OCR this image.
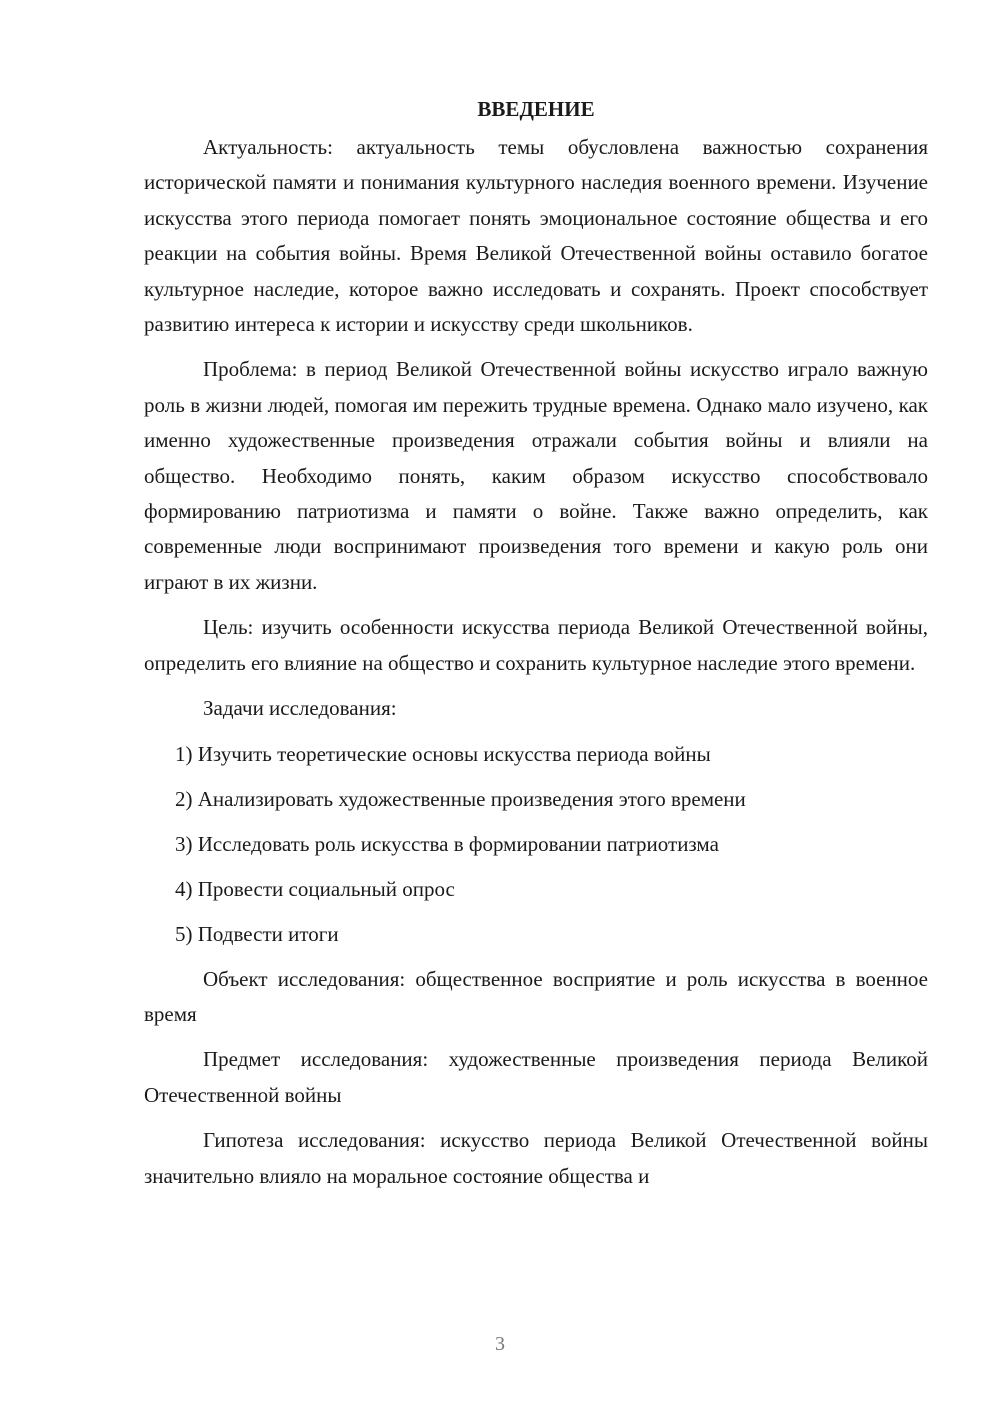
ВВЕДЕНИЕ

Актуальность: актуальность темы обусловлена важностью сохранения исторической памяти и понимания культурного наследия военного времени. Изучение искусства этого периода помогает понять эмоциональное состояние общества и его реакции на события войны. Время Великой Отечественной войны оставило богатое культурное наследие, которое важно исследовать и сохранять. Проект способствует развитию интереса к истории и искусству среди школьников.

Проблема: в период Великой Отечественной войны искусство играло важную роль в жизни людей, помогая им пережить трудные времена. Однако мало изучено, как именно художественные произведения отражали события войны и влияли на общество. Необходимо понять, каким образом искусство способствовало формированию патриотизма и памяти о войне. Также важно определить, как современные люди воспринимают произведения того времени и какую роль они играют в их жизни.

Цель: изучить особенности искусства периода Великой Отечественной войны, определить его влияние на общество и сохранить культурное наследие этого времени.

Задачи исследования:

1) Изучить теоретические основы искусства периода войны
2) Анализировать художественные произведения этого времени
3) Исследовать роль искусства в формировании патриотизма
4) Провести социальный опрос
5) Подвести итоги

Объект исследования: общественное восприятие и роль искусства в военное время

Предмет исследования: художественные произведения периода Великой Отечественной войны

Гипотеза исследования: искусство периода Великой Отечественной войны значительно влияло на моральное состояние общества и

3
